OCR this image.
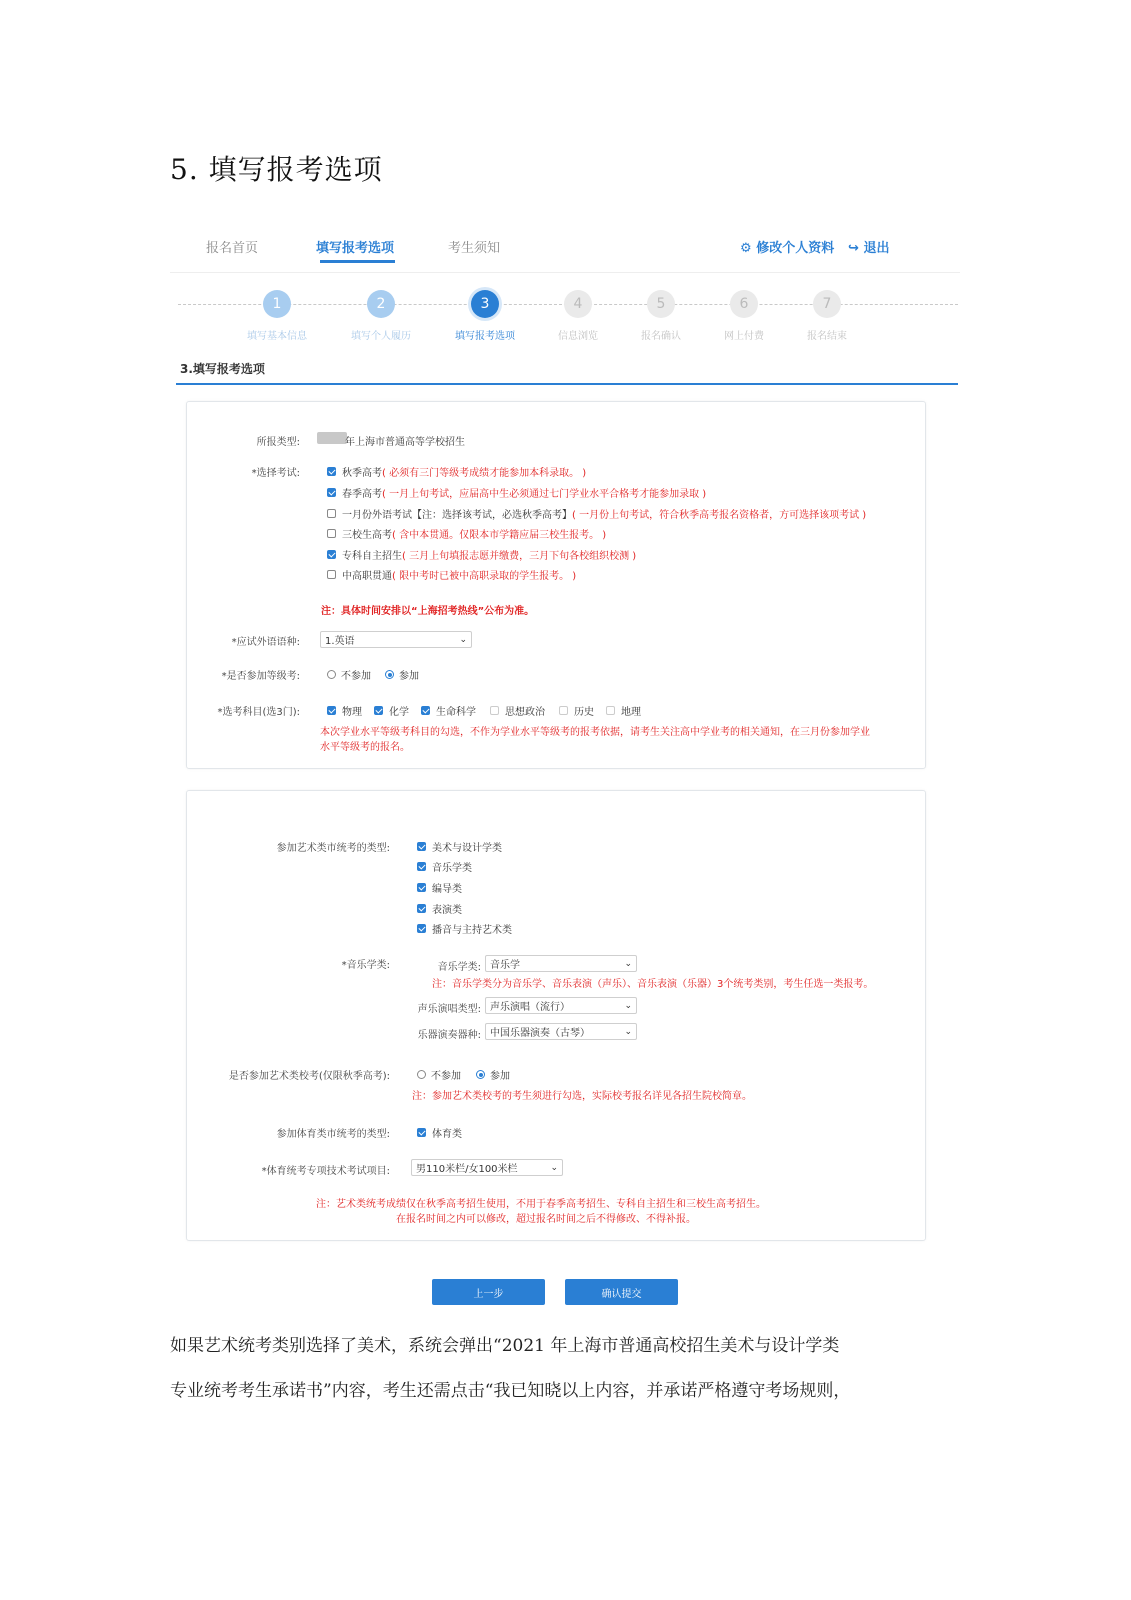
5. 填写报考选项
报名首页	填写报考选项	考生须知	⚙ 修改个人资料 ↪ 退出
1
填写基本信息
2
填写个人履历
3
填写报考选项
4
信息浏览
5
报名确认
6
网上付费
7
报名结束
3.填写报考选项
所报类型:	年上海市普通高等学校招生
*选择考试:	秋季高考 ( 必须有三门等级考成绩才能参加本科录取。 )
春季高考 ( 一月上旬考试，应届高中生必须通过七门学业水平合格考才能参加录取 )
一月份外语考试 【注：选择该考试，必选秋季高考】 ( 一月份上旬考试，符合秋季高考报名资格者，方可选择该项考试 )
三校生高考 ( 含中本贯通。仅限本市学籍应届三校生报考。 )
专科自主招生 ( 三月上旬填报志愿并缴费，三月下旬各校组织校测 )
中高职贯通 ( 限中考时已被中高职录取的学生报考。 )
注：具体时间安排以“上海招考热线”公布为准。
*应试外语语种:	1.英语	⌄
*是否参加等级考:	不参加	参加
*选考科目(选3门):	物理	化学	生命科学	思想政治	历史	地理
本次学业水平等级考科目的勾选，不作为学业水平等级考的报考依据，请考生关注高中学业考的相关通知，在三月份参加学业
水平等级考的报名。
参加艺术类市统考的类型:	美术与设计学类
音乐学类
编导类
表演类
播音与主持艺术类
*音乐学类:	音乐学类: 音乐学	⌄
注：音乐学类分为音乐学、音乐表演（声乐）、音乐表演（乐器）3个统考类别，考生任选一类报考。
声乐演唱类型: 声乐演唱（流行）	⌄
乐器演奏器种: 中国乐器演奏（古琴）	⌄
是否参加艺术类校考(仅限秋季高考):	不参加	参加
注：参加艺术类校考的考生须进行勾选，实际校考报名详见各招生院校简章。
参加体育类市统考的类型:	体育类
*体育统考专项技术考试项目:	男110米栏/女100米栏	⌄
注：艺术类统考成绩仅在秋季高考招生使用，不用于春季高考招生、专科自主招生和三校生高考招生。
在报名时间之内可以修改，超过报名时间之后不得修改、不得补报。
上一步	确认提交
如果艺术统考类别选择了美术，系统会弹出“2021 年上海市普通高校招生美术与设计学类
专业统考考生承诺书”内容，考生还需点击“我已知晓以上内容，并承诺严格遵守考场规则，
